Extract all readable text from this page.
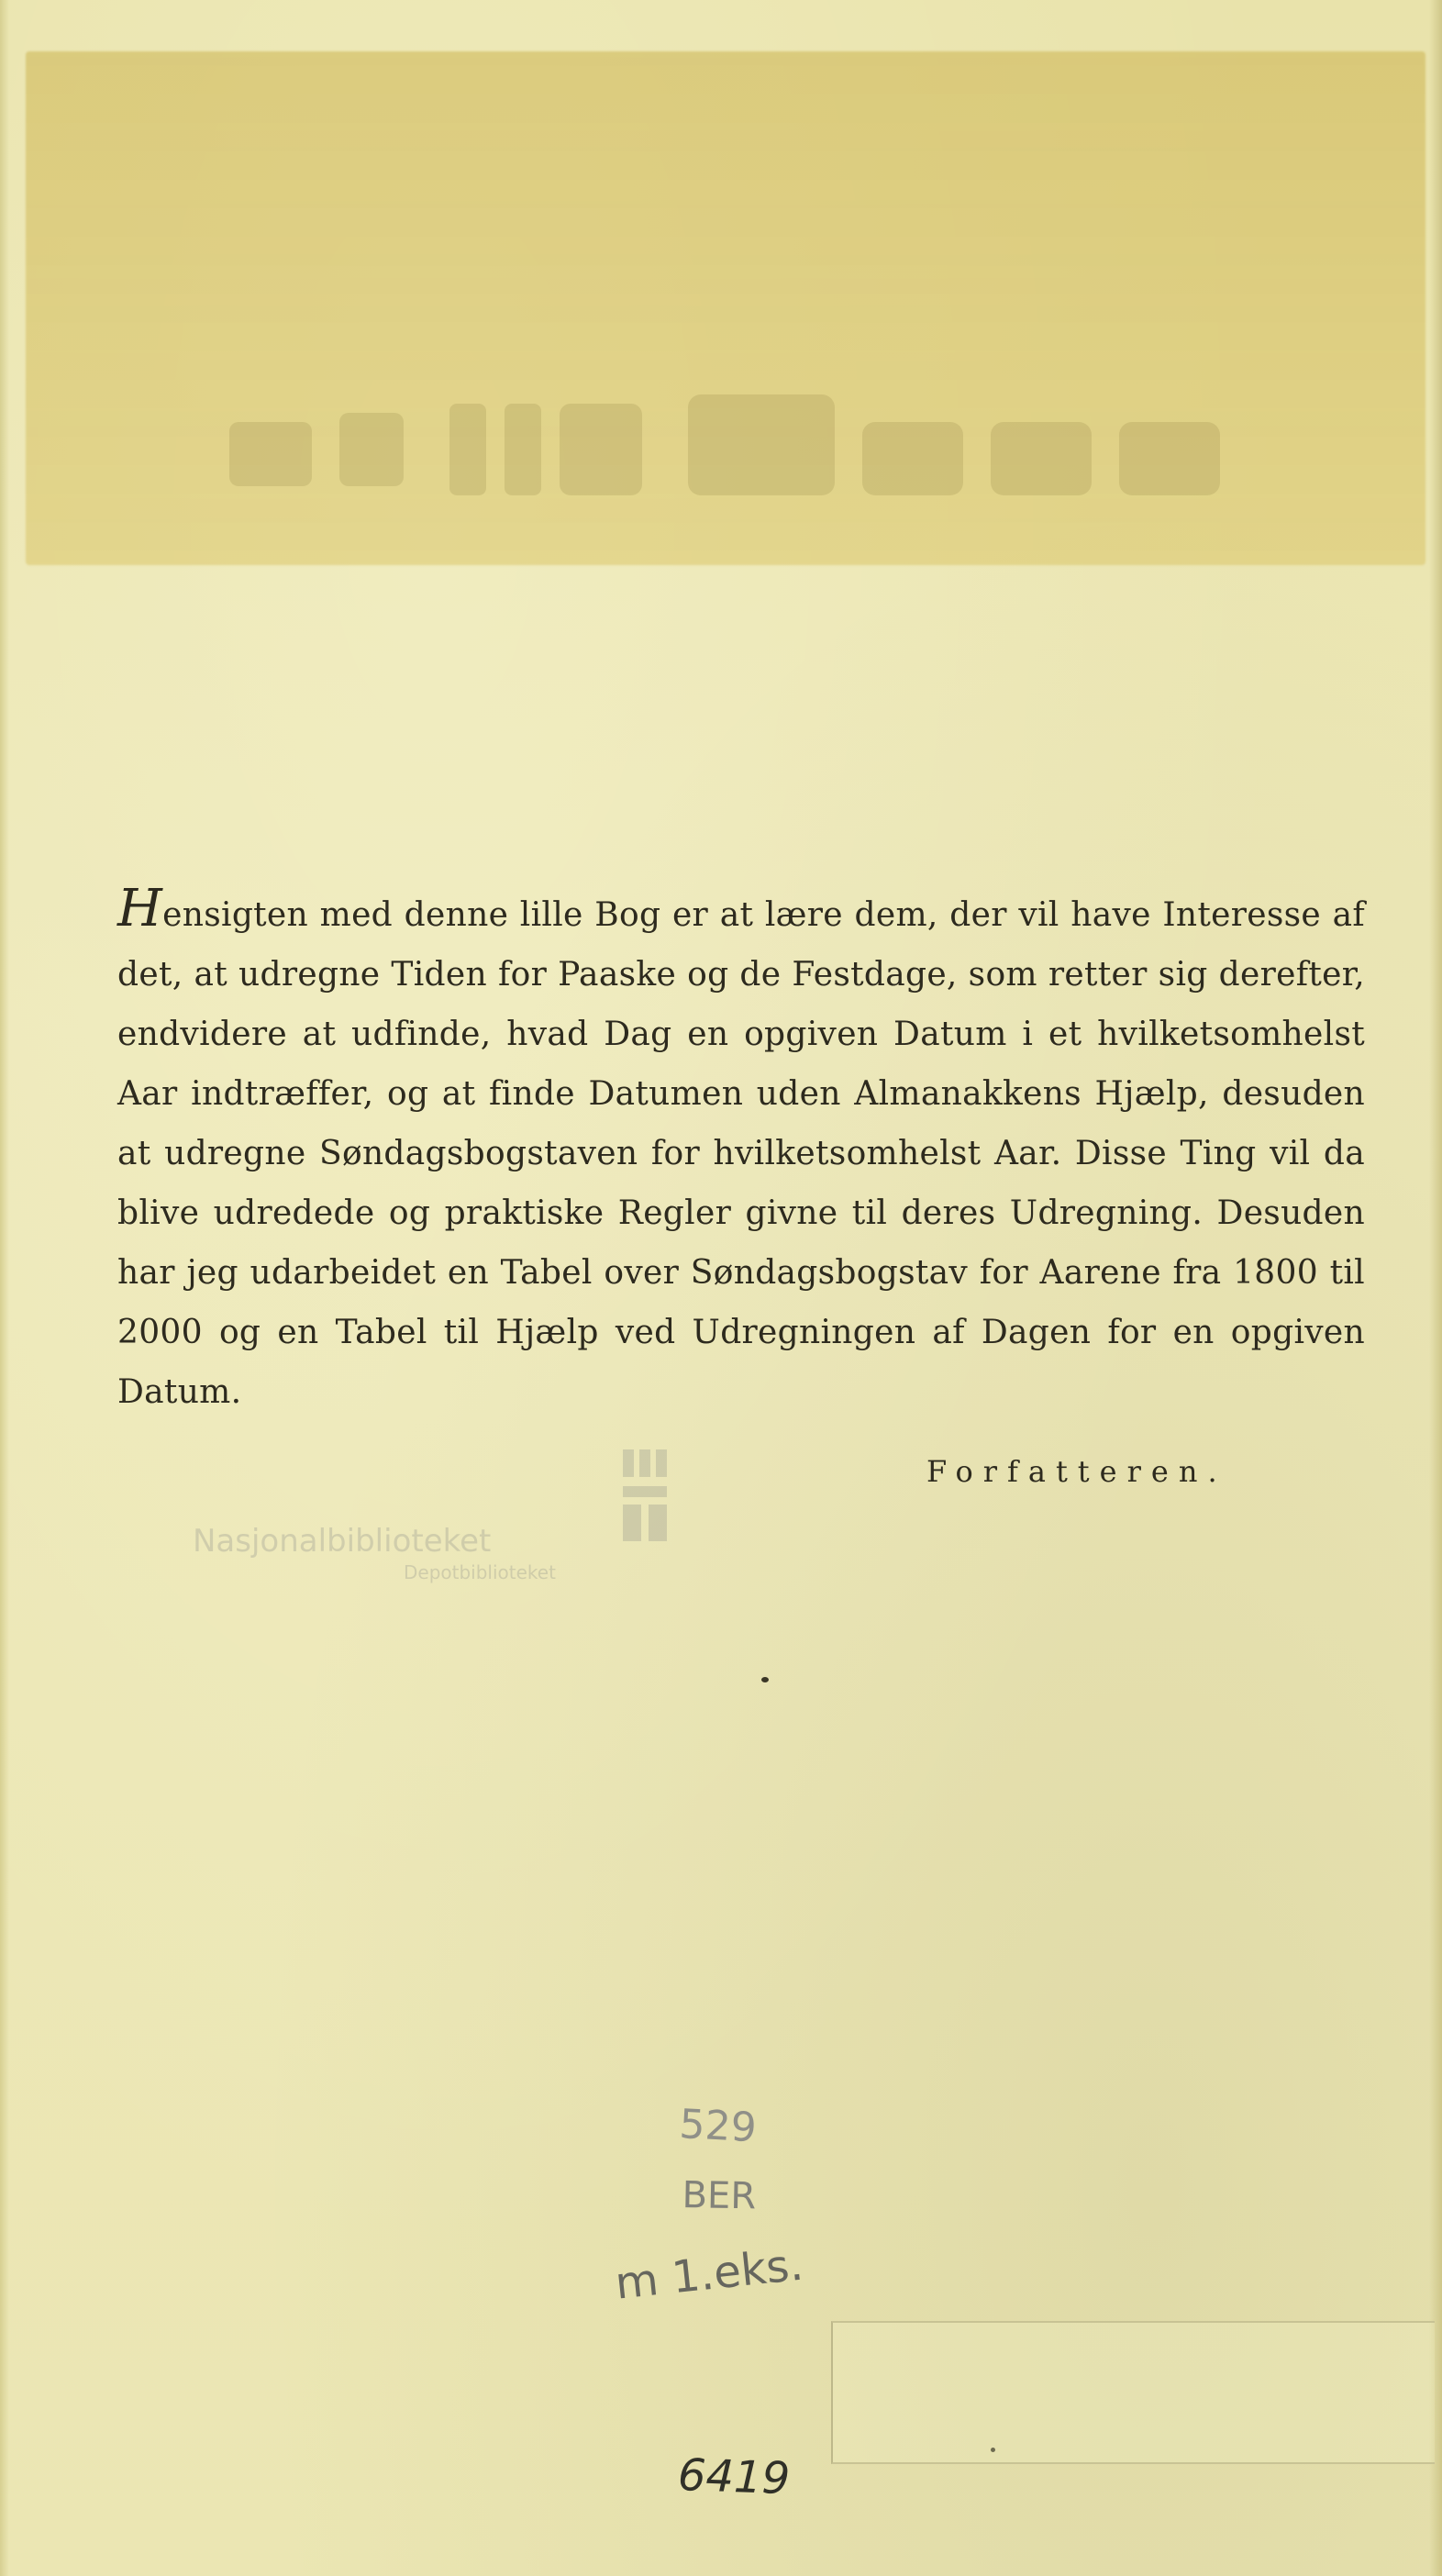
Hensigten med denne lille Bog er at lære dem, der vil have Interesse af det, at udregne Tiden for Paaske og de Festdage, som retter sig derefter, endvidere at udfinde, hvad Dag en opgiven Datum i et hvilketsomhelst Aar indtræffer, og at finde Datumen uden Almanakkens Hjælp, desuden at udregne Søndagsbogstaven for hvilketsomhelst Aar. Disse Ting vil da blive udredede og praktiske Regler givne til deres Udregning. Desuden har jeg udarbeidet en Tabel over Søndagsbogstav for Aarene fra 1800 til 2000 og en Tabel til Hjælp ved Udregningen af Dagen for en opgiven Datum.

Forfatteren.
Nasjonalbiblioteket
Depotbiblioteket
529
BER
m 1.eks.
6419
